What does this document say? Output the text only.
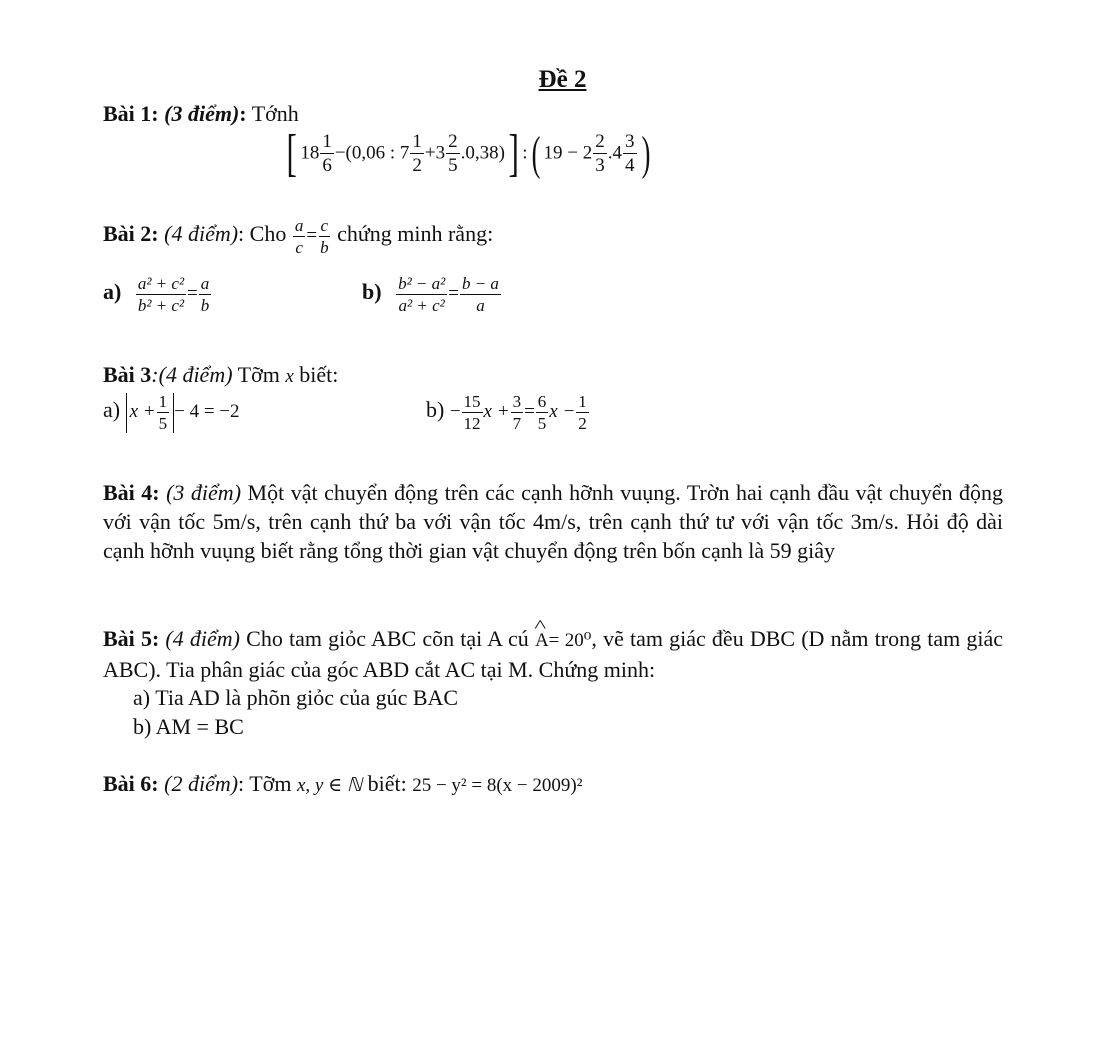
Đề 2
Bài 1: (3 điểm): Tớnh
[ $18 \frac{1}{6} -(0,06$ : $7 \frac{1}{2} +3 \frac{2}{5} .0,38$)] :( $19 - 2 \frac{2}{3} .4 \frac{3}{4}$ )
Bài 2: (4 điểm): Cho $\frac{a}{c} = \frac{c}{b}$ chứng minh rằng:
$a) \frac{\text{a² + c²}}{\text{b² + c²}} = \frac{a}{b}$	$b) \frac{\text{b² − a²}}{\text{a² + c²}} = \frac{b - a}{a}$
Bài 3:(4 điểm) Tỡm x biết:
a) $x + \frac{1}{5} - 4 = -2$	$b) - \frac{15}{12}$ $x + \frac{3}{7} = \frac{6}{5}$ $x - \frac{1}{2}$
Bài 4: (3 điểm) Một vật chuyển động trên các cạnh hỡnh vuụng. Trờn hai cạnh đầu vật chuyển động với vận tốc 5m/s, trên cạnh thứ ba với vận tốc 4m/s, trên cạnh thứ tư với vận tốc 3m/s. Hỏi độ dài cạnh hỡnh vuụng biết rằng tổng thời gian vật chuyển động trên bốn cạnh là 59 giây
Bài 5: (4 điểm) Cho tam giỏc ABC cõn tại A cú ^ A= 20⁰, vẽ tam giác đều DBC (D nằm trong tam giác ABC). Tia phân giác của góc ABD cắt AC tại M. Chứng minh:
a) Tia AD là phõn giỏc của gúc BAC
b) AM = BC
Bài 6: (2 điểm): Tỡm x, y ∈ ℕ biết: 25 − y² = 8(x − 2009)²
